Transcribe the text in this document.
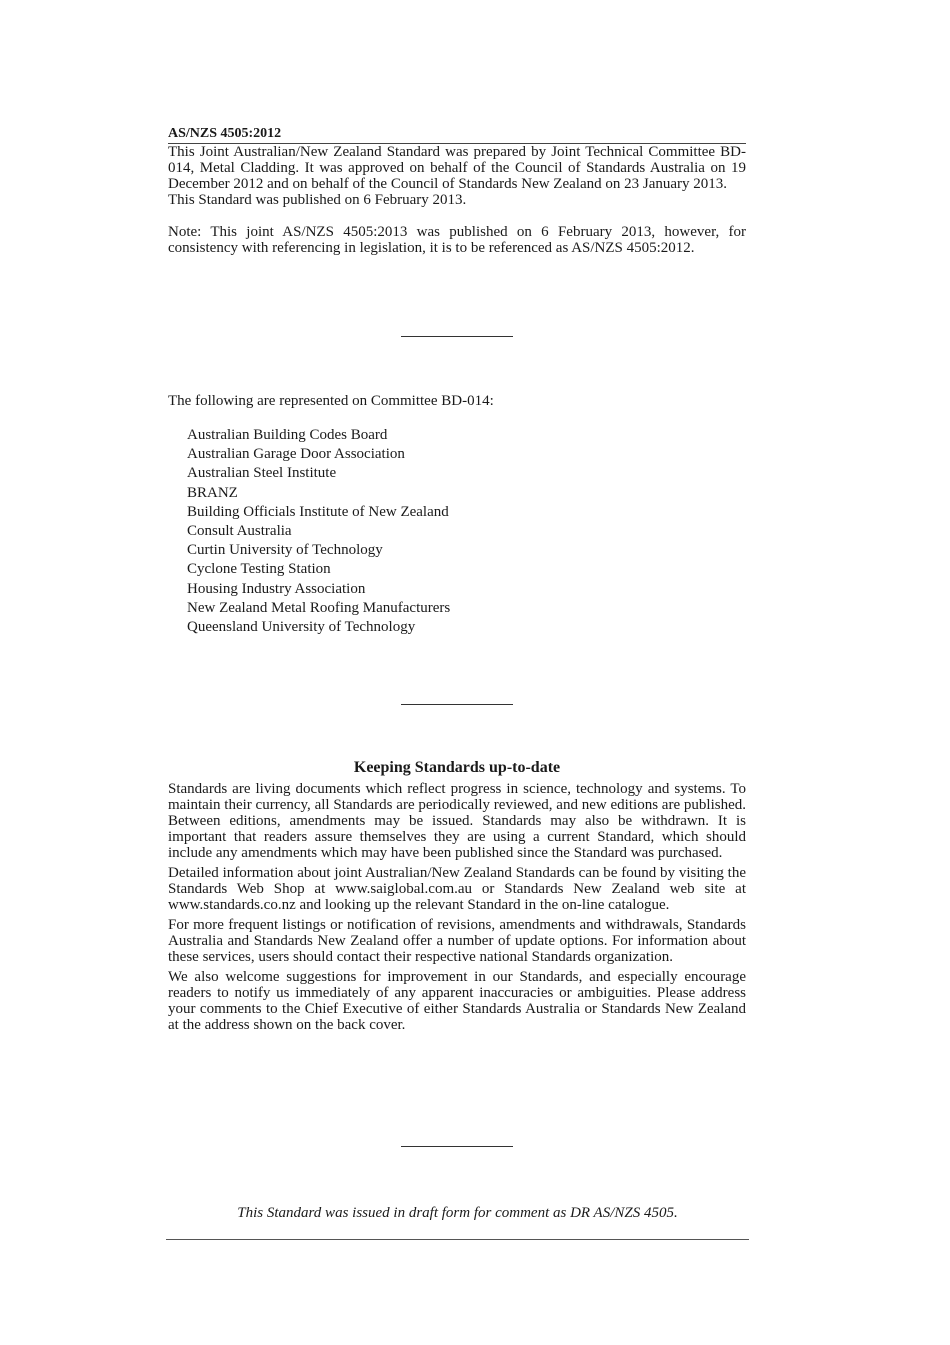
AS/NZS 4505:2012
This Joint Australian/New Zealand Standard was prepared by Joint Technical Committee BD-014, Metal Cladding. It was approved on behalf of the Council of Standards Australia on 19 December 2012 and on behalf of the Council of Standards New Zealand on 23 January 2013.
This Standard was published on 6 February 2013.
Note: This joint AS/NZS 4505:2013 was published on 6 February 2013, however, for consistency with referencing in legislation, it is to be referenced as AS/NZS 4505:2012.
The following are represented on Committee BD-014:
Australian Building Codes Board
Australian Garage Door Association
Australian Steel Institute
BRANZ
Building Officials Institute of New Zealand
Consult Australia
Curtin University of Technology
Cyclone Testing Station
Housing Industry Association
New Zealand Metal Roofing Manufacturers
Queensland University of Technology
Keeping Standards up-to-date

Standards are living documents which reflect progress in science, technology and systems. To maintain their currency, all Standards are periodically reviewed, and new editions are published. Between editions, amendments may be issued. Standards may also be withdrawn. It is important that readers assure themselves they are using a current Standard, which should include any amendments which may have been published since the Standard was purchased.

Detailed information about joint Australian/New Zealand Standards can be found by visiting the Standards Web Shop at www.saiglobal.com.au or Standards New Zealand web site at www.standards.co.nz and looking up the relevant Standard in the on-line catalogue.

For more frequent listings or notification of revisions, amendments and withdrawals, Standards Australia and Standards New Zealand offer a number of update options. For information about these services, users should contact their respective national Standards organization.

We also welcome suggestions for improvement in our Standards, and especially encourage readers to notify us immediately of any apparent inaccuracies or ambiguities. Please address your comments to the Chief Executive of either Standards Australia or Standards New Zealand at the address shown on the back cover.

This Standard was issued in draft form for comment as DR AS/NZS 4505.
